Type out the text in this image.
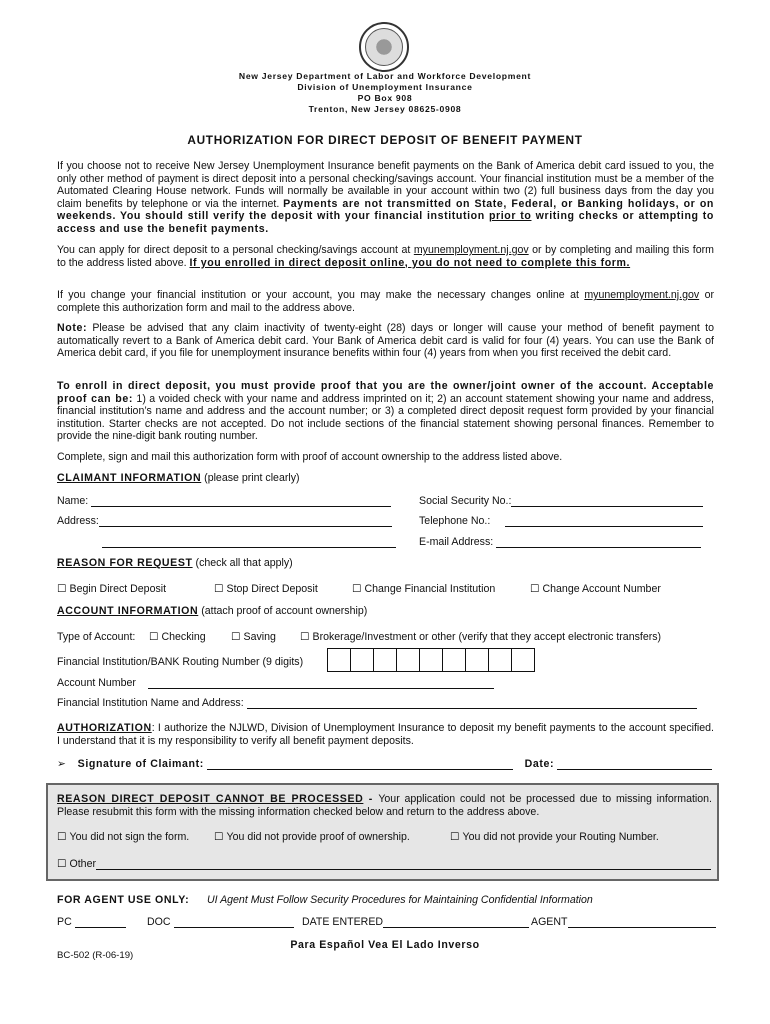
New Jersey Department of Labor and Workforce Development
Division of Unemployment Insurance
PO Box 908
Trenton, New Jersey 08625-0908
AUTHORIZATION FOR DIRECT DEPOSIT OF BENEFIT PAYMENT
If you choose not to receive New Jersey Unemployment Insurance benefit payments on the Bank of America debit card issued to you, the only other method of payment is direct deposit into a personal checking/savings account. Your financial institution must be a member of the Automated Clearing House network. Funds will normally be available in your account within two (2) full business days from the day you claim benefits by telephone or via the internet. Payments are not transmitted on State, Federal, or Banking holidays, or on weekends. You should still verify the deposit with your financial institution prior to writing checks or attempting to access and use the benefit payments.
You can apply for direct deposit to a personal checking/savings account at myunemployment.nj.gov or by completing and mailing this form to the address listed above. If you enrolled in direct deposit online, you do not need to complete this form.
If you change your financial institution or your account, you may make the necessary changes online at myunemployment.nj.gov or complete this authorization form and mail to the address above.
Note: Please be advised that any claim inactivity of twenty-eight (28) days or longer will cause your method of benefit payment to automatically revert to a Bank of America debit card. Your Bank of America debit card is valid for four (4) years. You can use the Bank of America debit card, if you file for unemployment insurance benefits within four (4) years from when you first received the debit card.
To enroll in direct deposit, you must provide proof that you are the owner/joint owner of the account. Acceptable proof can be: 1) a voided check with your name and address imprinted on it; 2) an account statement showing your name and address, financial institution’s name and address and the account number; or 3) a completed direct deposit request form provided by your financial institution. Starter checks are not accepted. Do not include sections of the financial statement showing personal finances. Remember to provide the nine-digit bank routing number.
Complete, sign and mail this authorization form with proof of account ownership to the address listed above.
CLAIMANT INFORMATION (please print clearly)
Name:	Social Security No.:
Address:	Telephone No.:
E-mail Address:
REASON FOR REQUEST (check all that apply)
☐ Begin Direct Deposit	☐ Stop Direct Deposit	☐ Change Financial Institution	☐ Change Account Number
ACCOUNT INFORMATION (attach proof of account ownership)
Type of Account: ☐ Checking ☐ Saving ☐ Brokerage/Investment or other (verify that they accept electronic transfers)
Financial Institution/BANK Routing Number (9 digits)
Account Number
Financial Institution Name and Address:
AUTHORIZATION: I authorize the NJLWD, Division of Unemployment Insurance to deposit my benefit payments to the account specified. I understand that it is my responsibility to verify all benefit payment deposits.
➢ Signature of Claimant:	Date:
REASON DIRECT DEPOSIT CANNOT BE PROCESSED - Your application could not be processed due to missing information. Please resubmit this form with the missing information checked below and return to the address above.
☐ You did not sign the form. ☐ You did not provide proof of ownership.	☐ You did not provide your Routing Number.
☐ Other
FOR AGENT USE ONLY: UI Agent Must Follow Security Procedures for Maintaining Confidential Information
PC	DOC	DATE ENTERED	AGENT
Para Español Vea El Lado Inverso
BC-502 (R-06-19)
